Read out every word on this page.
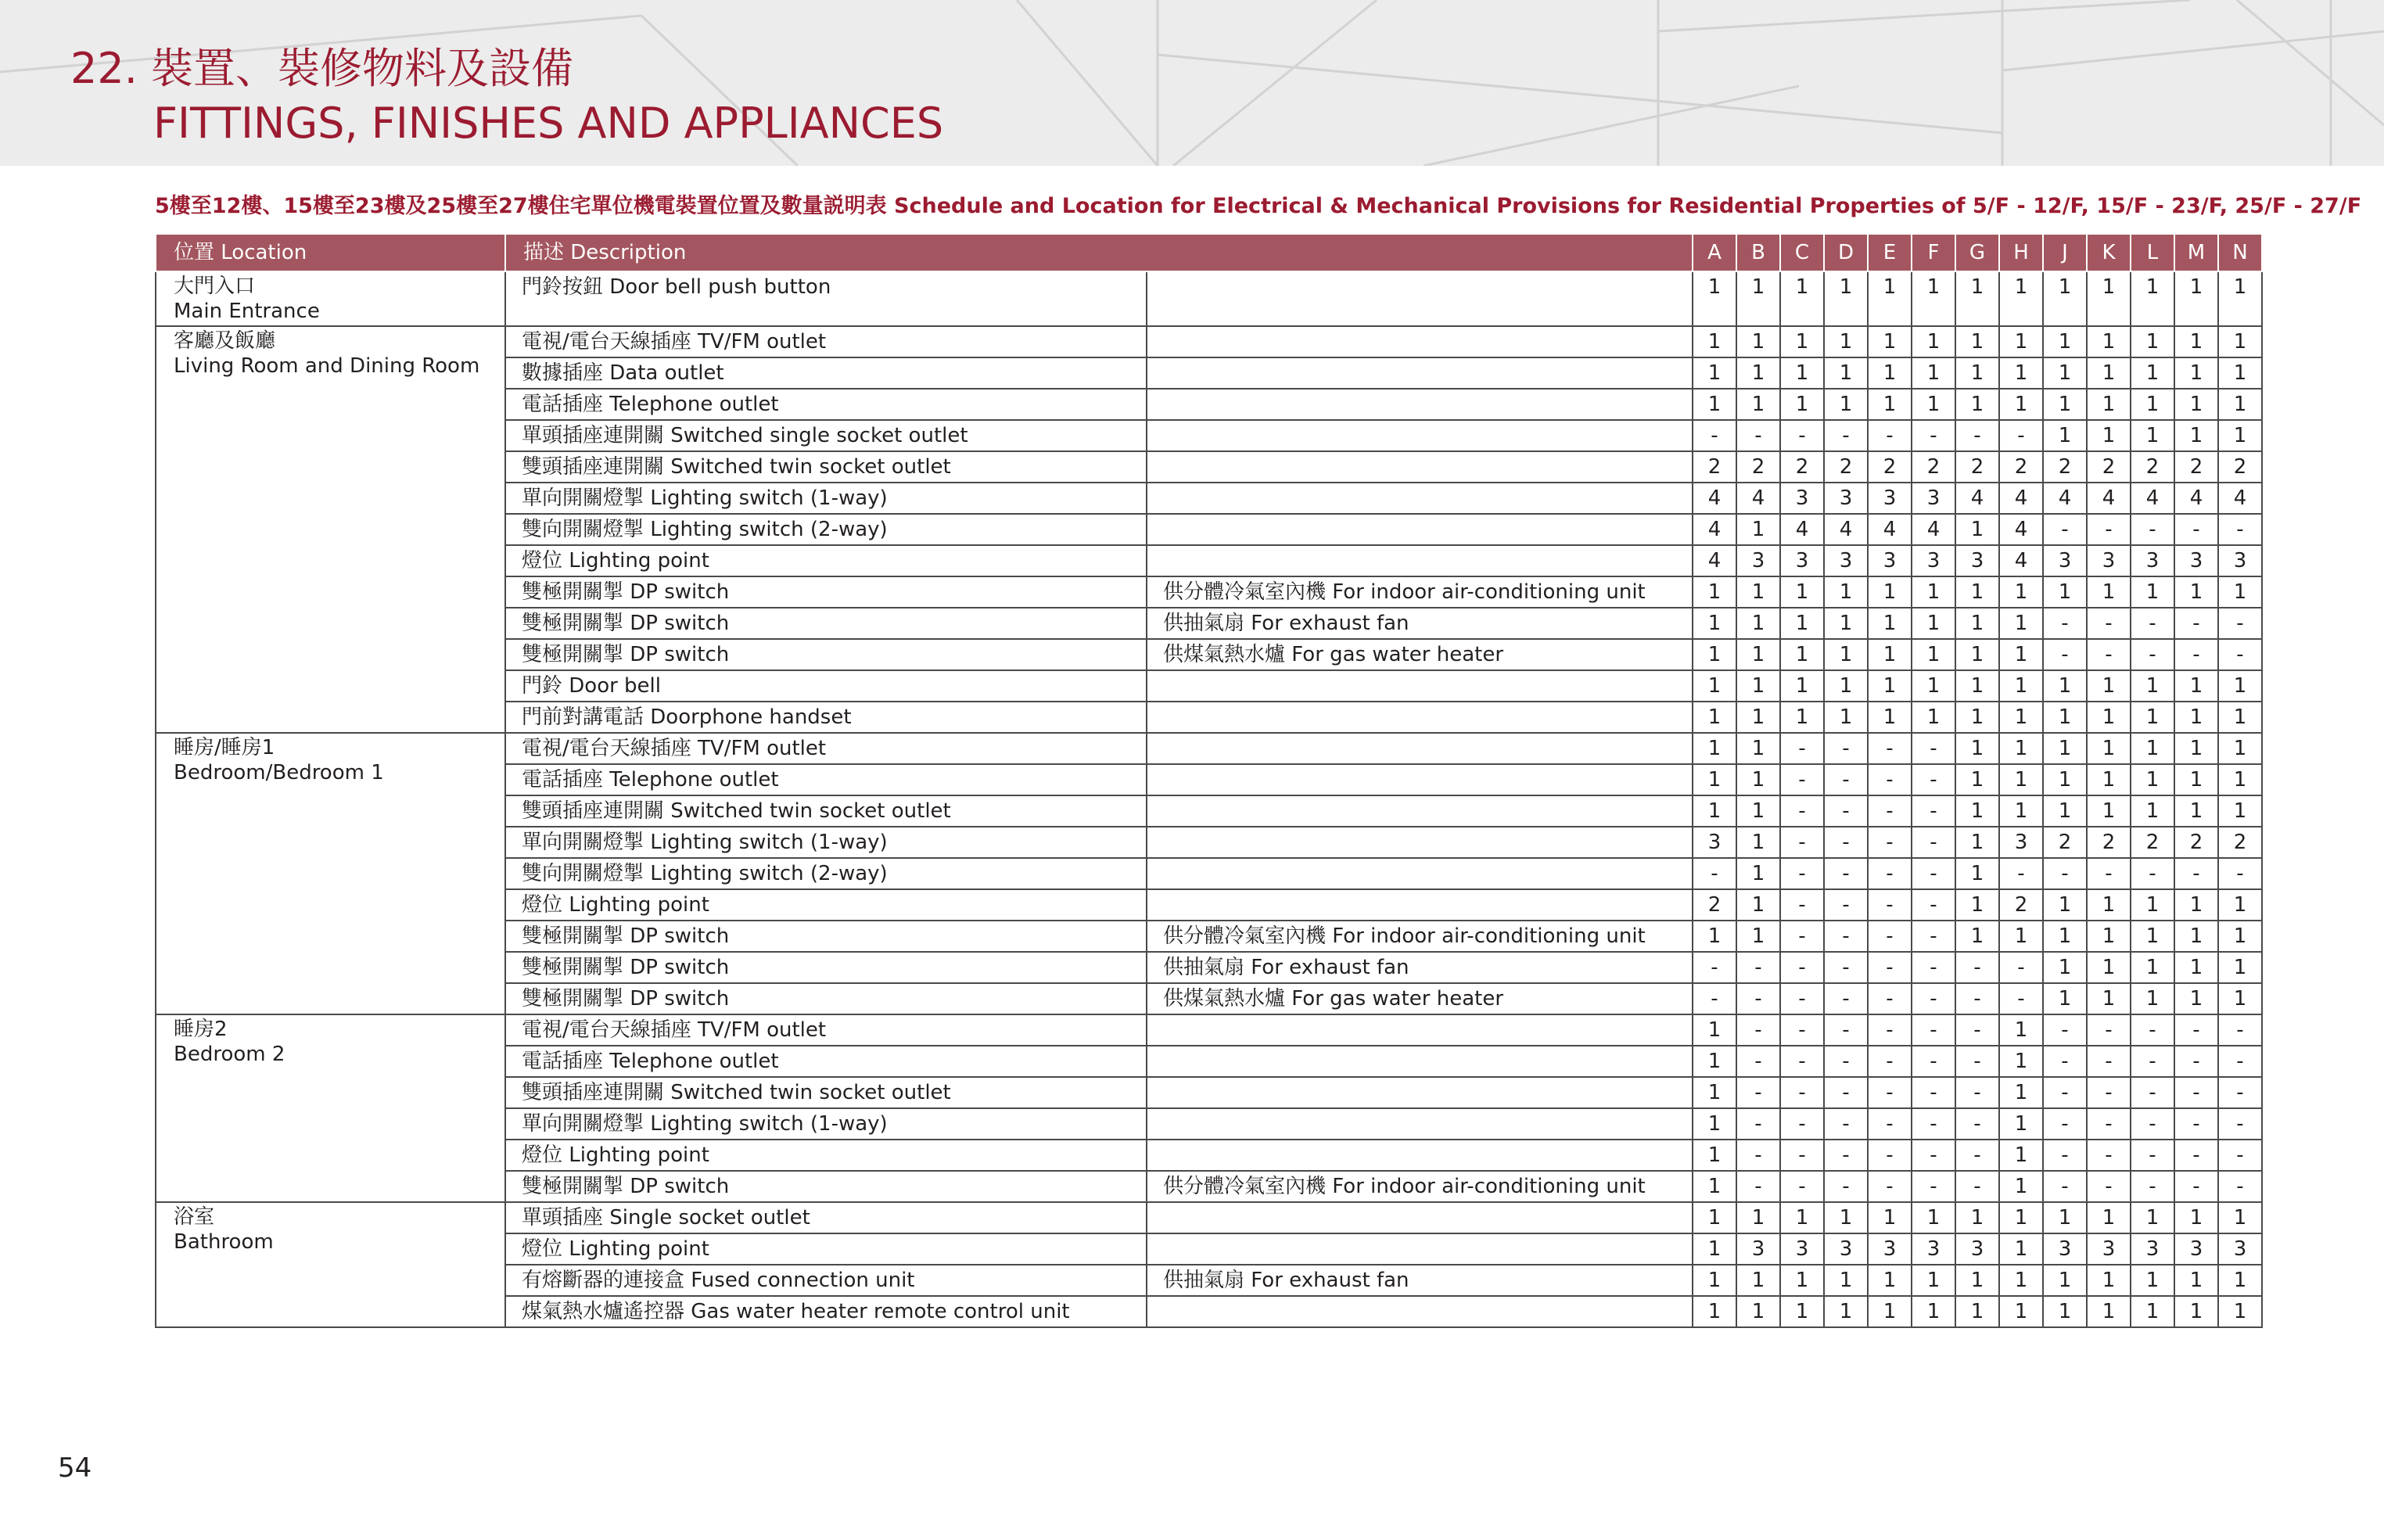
22. 裝置、裝修物料及設備
FITTINGS, FINISHES AND APPLIANCES
5樓至12樓、15樓至23樓及25樓至27樓住宅單位機電裝置位置及數量説明表 Schedule and Location for Electrical & Mechanical Provisions for Residential Properties of 5/F - 12/F, 15/F - 23/F, 25/F - 27/F
位置 Location	描述 Description		A	B	C	D	E	F	G	H	J	K	L	M	N

大門入口
Main Entrance	門鈴按鈕 Door bell push button		1	1	1	1	1	1	1	1	1	1	1	1	1

客廳及飯廳
Living Room and Dining Room	電視/電台天線插座 TV/FM outlet		1	1	1	1	1	1	1	1	1	1	1	1	1
	數據插座 Data outlet		1	1	1	1	1	1	1	1	1	1	1	1	1
	電話插座 Telephone outlet		1	1	1	1	1	1	1	1	1	1	1	1	1
	單頭插座連開關 Switched single socket outlet		-	-	-	-	-	-	-	-	1	1	1	1	1
	雙頭插座連開關 Switched twin socket outlet		2	2	2	2	2	2	2	2	2	2	2	2	2
	單向開關燈掣 Lighting switch (1-way)		4	4	3	3	3	3	4	4	4	4	4	4	4
	雙向開關燈掣 Lighting switch (2-way)		4	1	4	4	4	4	1	4	-	-	-	-	-
	燈位 Lighting point		4	3	3	3	3	3	3	4	3	3	3	3	3
	雙極開關掣 DP switch	供分體冷氣室內機 For indoor air-conditioning unit	1	1	1	1	1	1	1	1	1	1	1	1	1
	雙極開關掣 DP switch	供抽氣扇 For exhaust fan	1	1	1	1	1	1	1	1	-	-	-	-	-
	雙極開關掣 DP switch	供煤氣熱水爐 For gas water heater	1	1	1	1	1	1	1	1	-	-	-	-	-
	門鈴 Door bell		1	1	1	1	1	1	1	1	1	1	1	1	1
	門前對講電話 Doorphone handset		1	1	1	1	1	1	1	1	1	1	1	1	1

睡房/睡房1
Bedroom/Bedroom 1	電視/電台天線插座 TV/FM outlet		1	1	-	-	-	-	1	1	1	1	1	1	1
	電話插座 Telephone outlet		1	1	-	-	-	-	1	1	1	1	1	1	1
	雙頭插座連開關 Switched twin socket outlet		1	1	-	-	-	-	1	1	1	1	1	1	1
	單向開關燈掣 Lighting switch (1-way)		3	1	-	-	-	-	1	3	2	2	2	2	2
	雙向開關燈掣 Lighting switch (2-way)		-	1	-	-	-	-	1	-	-	-	-	-	-
	燈位 Lighting point		2	1	-	-	-	-	1	2	1	1	1	1	1
	雙極開關掣 DP switch	供分體冷氣室內機 For indoor air-conditioning unit	1	1	-	-	-	-	1	1	1	1	1	1	1
	雙極開關掣 DP switch	供抽氣扇 For exhaust fan	-	-	-	-	-	-	-	-	1	1	1	1	1
	雙極開關掣 DP switch	供煤氣熱水爐 For gas water heater	-	-	-	-	-	-	-	-	1	1	1	1	1

睡房2
Bedroom 2	電視/電台天線插座 TV/FM outlet		1	-	-	-	-	-	-	1	-	-	-	-	-
	電話插座 Telephone outlet		1	-	-	-	-	-	-	1	-	-	-	-	-
	雙頭插座連開關 Switched twin socket outlet		1	-	-	-	-	-	-	1	-	-	-	-	-
	單向開關燈掣 Lighting switch (1-way)		1	-	-	-	-	-	-	1	-	-	-	-	-
	燈位 Lighting point		1	-	-	-	-	-	-	1	-	-	-	-	-
	雙極開關掣 DP switch	供分體冷氣室內機 For indoor air-conditioning unit	1	-	-	-	-	-	-	1	-	-	-	-	-

浴室
Bathroom	單頭插座 Single socket outlet		1	1	1	1	1	1	1	1	1	1	1	1	1
	燈位 Lighting point		1	3	3	3	3	3	3	1	3	3	3	3	3
	有熔斷器的連接盒 Fused connection unit	供抽氣扇 For exhaust fan	1	1	1	1	1	1	1	1	1	1	1	1	1
	煤氣熱水爐遙控器 Gas water heater remote control unit		1	1	1	1	1	1	1	1	1	1	1	1	1
54
